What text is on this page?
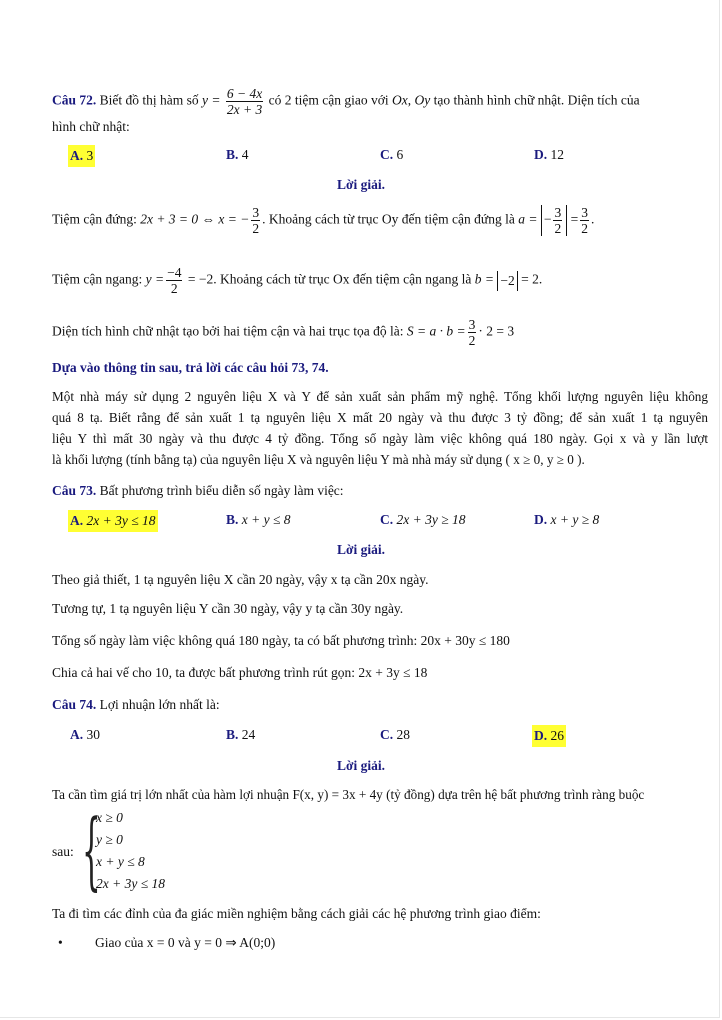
Câu 72. Biết đồ thị hàm số $y = \frac{6 - 4x}{2x + 3}$ có 2 tiệm cận giao với Ox, Oy tạo thành hình chữ nhật. Diện tích của
hình chữ nhật:
A. 3	B. 4	C. 6	D. 12
Lời giải.
Tiệm cận đứng: 2x + 3 = 0 ⇔ x = − $\frac{3}{2}$ . Khoảng cách từ trục Oy đến tiệm cận đứng là a = − $\frac{3}{2} = \frac{3}{2}$ .
Tiệm cận ngang: $y = \frac{-4}{2} = -2$. Khoảng cách từ trục Ox đến tiệm cận ngang là b = −2 = 2.
Diện tích hình chữ nhật tạo bởi hai tiệm cận và hai trục tọa độ là: $S = a \cdot b = \frac{3}{2} \cdot 2 = 3$
Dựa vào thông tin sau, trả lời các câu hỏi 73, 74.
Một nhà máy sử dụng 2 nguyên liệu X và Y để sản xuất sản phẩm mỹ nghệ. Tổng khối lượng nguyên liệu không
quá 8 tạ. Biết rằng để sản xuất 1 tạ nguyên liệu X mất 20 ngày và thu được 3 tỷ đồng; để sản xuất 1 tạ nguyên
liệu Y thì mất 30 ngày và thu được 4 tỷ đồng. Tổng số ngày làm việc không quá 180 ngày. Gọi x và y lần lượt
là khối lượng (tính bằng tạ) của nguyên liệu X và nguyên liệu Y mà nhà máy sử dụng ( x ≥ 0, y ≥ 0 ).
Câu 73. Bất phương trình biểu diễn số ngày làm việc:
A. 2x + 3y ≤ 18	B. x + y ≤ 8	C. 2x + 3y ≥ 18	D. x + y ≥ 8
Lời giải.
Theo giả thiết, 1 tạ nguyên liệu X cần 20 ngày, vậy x tạ cần 20x ngày.
Tương tự, 1 tạ nguyên liệu Y cần 30 ngày, vậy y tạ cần 30y ngày.
Tổng số ngày làm việc không quá 180 ngày, ta có bất phương trình: 20x + 30y ≤ 180
Chia cả hai vế cho 10, ta được bất phương trình rút gọn: 2x + 3y ≤ 18
Câu 74. Lợi nhuận lớn nhất là:
A. 30	B. 24	C. 28	D. 26
Lời giải.
Ta cần tìm giá trị lớn nhất của hàm lợi nhuận F(x, y) = 3x + 4y (tỷ đồng) dựa trên hệ bất phương trình ràng buộc
sau: {
x ≥ 0
y ≥ 0
x + y ≤ 8
2x + 3y ≤ 18
Ta đi tìm các đỉnh của đa giác miền nghiệm bằng cách giải các hệ phương trình giao điểm:
• Giao của x = 0 và y = 0 ⇒ A(0;0)
